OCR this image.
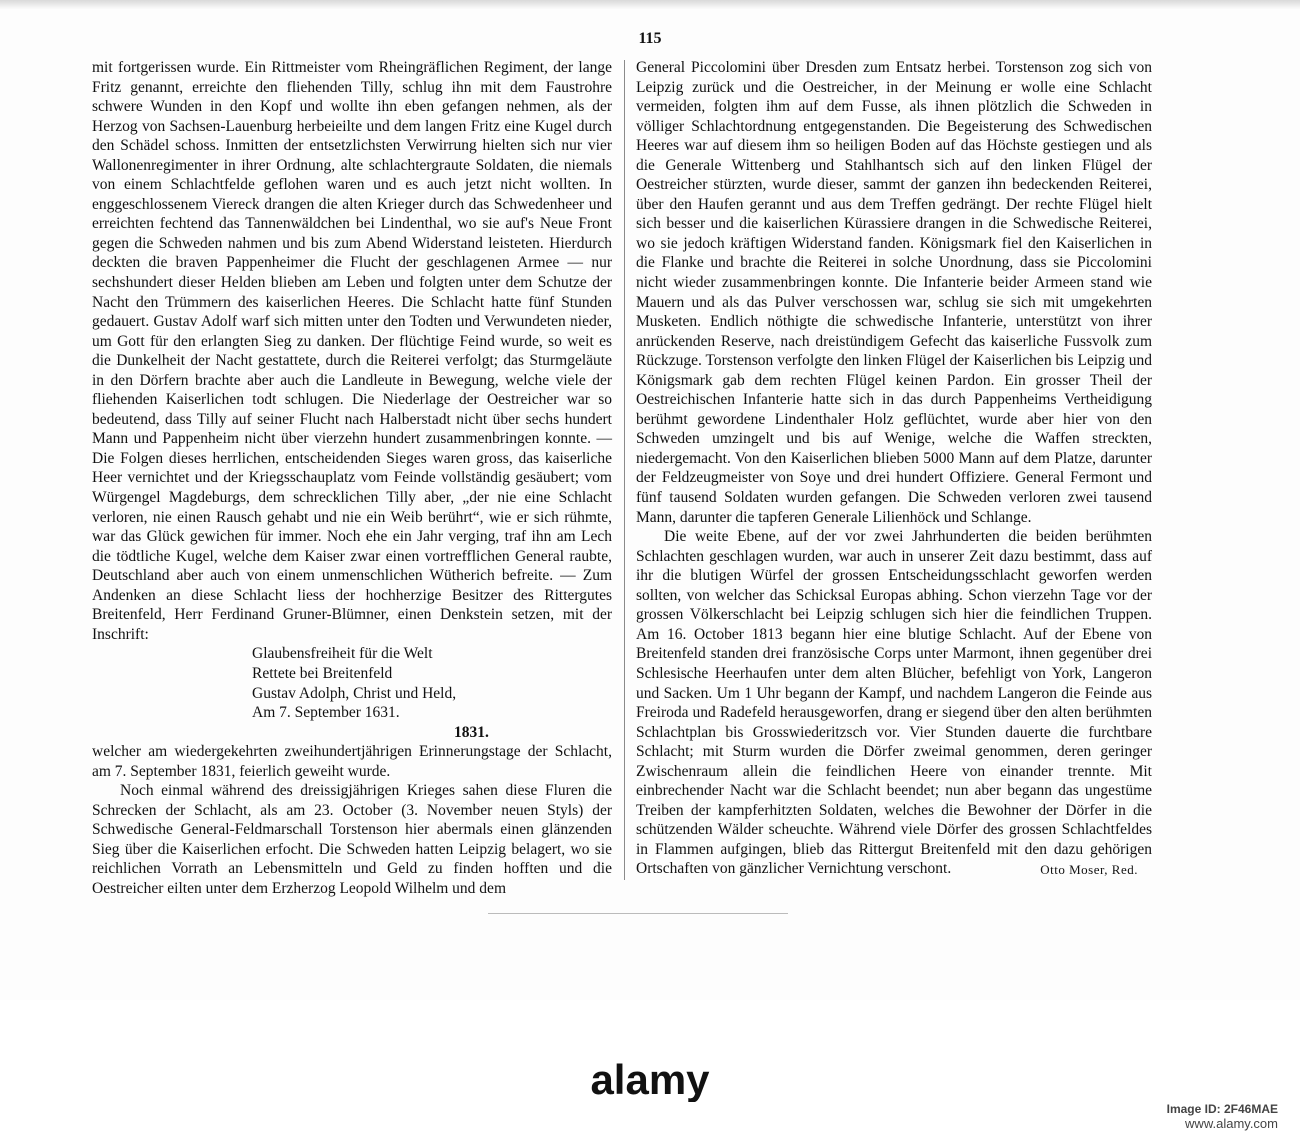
115

mit fortgerissen wurde. Ein Rittmeister vom Rheingräflichen Regiment, der lange Fritz genannt, erreichte den fliehenden Tilly, schlug ihn mit dem Faustrohre schwere Wunden in den Kopf und wollte ihn eben gefangen nehmen, als der Herzog von Sachsen-Lauenburg herbeieilte und dem langen Fritz eine Kugel durch den Schädel schoss. Inmitten der entsetzlichsten Verwirrung hielten sich nur vier Wallonenregimenter in ihrer Ordnung, alte schlachtergraute Soldaten, die niemals von einem Schlachtfelde geflohen waren und es auch jetzt nicht wollten. In enggeschlossenem Viereck drangen die alten Krieger durch das Schwedenheer und erreichten fechtend das Tannenwäldchen bei Lindenthal, wo sie auf's Neue Front gegen die Schweden nahmen und bis zum Abend Widerstand leisteten. Hierdurch deckten die braven Pappenheimer die Flucht der geschlagenen Armee — nur sechshundert dieser Helden blieben am Leben und folgten unter dem Schutze der Nacht den Trümmern des kaiserlichen Heeres. Die Schlacht hatte fünf Stunden gedauert. Gustav Adolf warf sich mitten unter den Todten und Verwundeten nieder, um Gott für den erlangten Sieg zu danken. Der flüchtige Feind wurde, so weit es die Dunkelheit der Nacht gestattete, durch die Reiterei verfolgt; das Sturmgeläute in den Dörfern brachte aber auch die Landleute in Bewegung, welche viele der fliehenden Kaiserlichen todt schlugen. Die Niederlage der Oestreicher war so bedeutend, dass Tilly auf seiner Flucht nach Halberstadt nicht über sechs hundert Mann und Pappenheim nicht über vierzehn hundert zusammenbringen konnte. — Die Folgen dieses herrlichen, entscheidenden Sieges waren gross, das kaiserliche Heer vernichtet und der Kriegsschauplatz vom Feinde vollständig gesäubert; vom Würgengel Magdeburgs, dem schrecklichen Tilly aber, „der nie eine Schlacht verloren, nie einen Rausch gehabt und nie ein Weib berührt“, wie er sich rühmte, war das Glück gewichen für immer. Noch ehe ein Jahr verging, traf ihn am Lech die tödtliche Kugel, welche dem Kaiser zwar einen vortrefflichen General raubte, Deutschland aber auch von einem unmenschlichen Wütherich befreite. — Zum Andenken an diese Schlacht liess der hochherzige Besitzer des Rittergutes Breitenfeld, Herr Ferdinand Gruner-Blümner, einen Denkstein setzen, mit der Inschrift:

Glaubensfreiheit für die Welt
Rettete bei Breitenfeld
Gustav Adolph, Christ und Held,
Am 7. September 1631.
1831.

welcher am wiedergekehrten zweihundertjährigen Erinnerungstage der Schlacht, am 7. September 1831, feierlich geweiht wurde.

Noch einmal während des dreissigjährigen Krieges sahen diese Fluren die Schrecken der Schlacht, als am 23. October (3. November neuen Styls) der Schwedische General-Feldmarschall Torstenson hier abermals einen glänzenden Sieg über die Kaiserlichen erfocht. Die Schweden hatten Leipzig belagert, wo sie reichlichen Vorrath an Lebensmitteln und Geld zu finden hofften und die Oestreicher eilten unter dem Erzherzog Leopold Wilhelm und dem

General Piccolomini über Dresden zum Entsatz herbei. Torstenson zog sich von Leipzig zurück und die Oestreicher, in der Meinung er wolle eine Schlacht vermeiden, folgten ihm auf dem Fusse, als ihnen plötzlich die Schweden in völliger Schlachtordnung entgegenstanden. Die Begeisterung des Schwedischen Heeres war auf diesem ihm so heiligen Boden auf das Höchste gestiegen und als die Generale Wittenberg und Stahlhantsch sich auf den linken Flügel der Oestreicher stürzten, wurde dieser, sammt der ganzen ihn bedeckenden Reiterei, über den Haufen gerannt und aus dem Treffen gedrängt. Der rechte Flügel hielt sich besser und die kaiserlichen Kürassiere drangen in die Schwedische Reiterei, wo sie jedoch kräftigen Widerstand fanden. Königsmark fiel den Kaiserlichen in die Flanke und brachte die Reiterei in solche Unordnung, dass sie Piccolomini nicht wieder zusammenbringen konnte. Die Infanterie beider Armeen stand wie Mauern und als das Pulver verschossen war, schlug sie sich mit umgekehrten Musketen. Endlich nöthigte die schwedische Infanterie, unterstützt von ihrer anrückenden Reserve, nach dreistündigem Gefecht das kaiserliche Fussvolk zum Rückzuge. Torstenson verfolgte den linken Flügel der Kaiserlichen bis Leipzig und Königsmark gab dem rechten Flügel keinen Pardon. Ein grosser Theil der Oestreichischen Infanterie hatte sich in das durch Pappenheims Vertheidigung berühmt gewordene Lindenthaler Holz geflüchtet, wurde aber hier von den Schweden umzingelt und bis auf Wenige, welche die Waffen streckten, niedergemacht. Von den Kaiserlichen blieben 5000 Mann auf dem Platze, darunter der Feldzeugmeister von Soye und drei hundert Offiziere. General Fermont und fünf tausend Soldaten wurden gefangen. Die Schweden verloren zwei tausend Mann, darunter die tapferen Generale Lilienhöck und Schlange.

Die weite Ebene, auf der vor zwei Jahrhunderten die beiden berühmten Schlachten geschlagen wurden, war auch in unserer Zeit dazu bestimmt, dass auf ihr die blutigen Würfel der grossen Entscheidungsschlacht geworfen werden sollten, von welcher das Schicksal Europas abhing. Schon vierzehn Tage vor der grossen Völkerschlacht bei Leipzig schlugen sich hier die feindlichen Truppen. Am 16. October 1813 begann hier eine blutige Schlacht. Auf der Ebene von Breitenfeld standen drei französische Corps unter Marmont, ihnen gegenüber drei Schlesische Heerhaufen unter dem alten Blücher, befehligt von York, Langeron und Sacken. Um 1 Uhr begann der Kampf, und nachdem Langeron die Feinde aus Freiroda und Radefeld herausgeworfen, drang er siegend über den alten berühmten Schlachtplan bis Grosswiederitzsch vor. Vier Stunden dauerte die furchtbare Schlacht; mit Sturm wurden die Dörfer zweimal genommen, deren geringer Zwischenraum allein die feindlichen Heere von einander trennte. Mit einbrechender Nacht war die Schlacht beendet; nun aber begann das ungestüme Treiben der kampferhitzten Soldaten, welches die Bewohner der Dörfer in die schützenden Wälder scheuchte. Während viele Dörfer des grossen Schlachtfeldes in Flammen aufgingen, blieb das Rittergut Breitenfeld mit den dazu gehörigen Ortschaften von gänzlicher Vernichtung verschont.	Otto Moser, Red.
alamy
Image ID: 2F46MAE
www.alamy.com
